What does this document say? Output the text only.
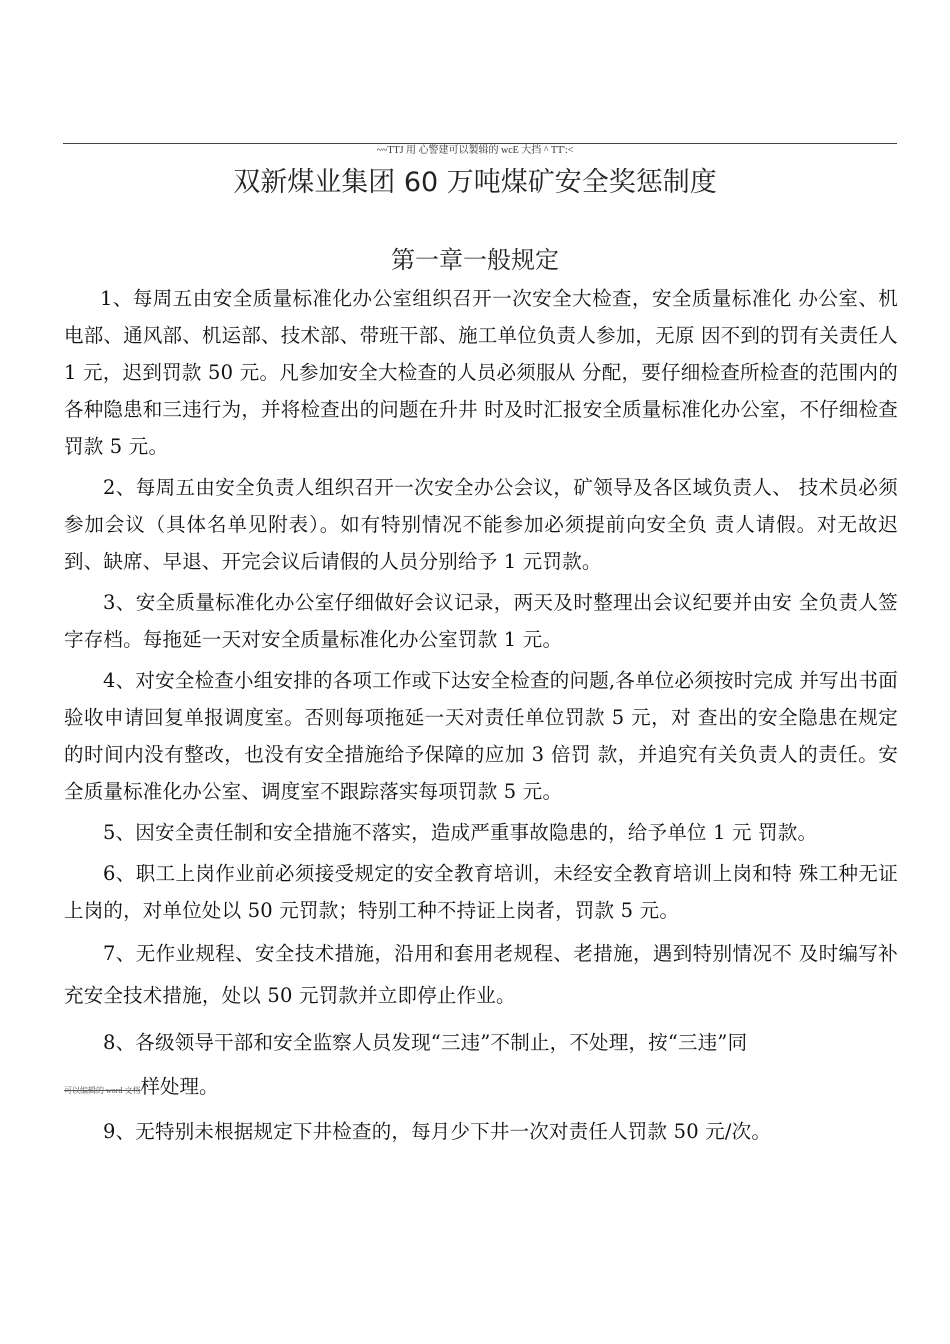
~~TTJ 用 心警建可以製辑的 wcE 大挡 ^ TT':<
双新煤业集团 60 万吨煤矿安全奖惩制度
第一章一般规定

1、每周五由安全质量标准化办公室组织召开一次安全大检查，安全质量标准化 办公室、机电部、通风部、机运部、技术部、带班干部、施工单位负责人参加，无原 因不到的罚有关责任人 1 元，迟到罚款 50 元。凡参加安全大检查的人员必须服从 分配，要仔细检查所检查的范围内的各种隐患和三违行为，并将检查出的问题在升井 时及时汇报安全质量标准化办公室，不仔细检查罚款 5 元。

2、每周五由安全负责人组织召开一次安全办公会议，矿领导及各区域负责人、 技术员必须参加会议（具体名单见附表）。如有特别情况不能参加必须提前向安全负 责人请假。对无故迟到、缺席、早退、开完会议后请假的人员分别给予 1 元罚款。

3、安全质量标准化办公室仔细做好会议记录，两天及时整理出会议纪要并由安 全负责人签字存档。每拖延一天对安全质量标准化办公室罚款 1 元。

4、对安全检查小组安排的各项工作或下达安全检查的问题,各单位必须按时完成 并写出书面验收申请回复单报调度室。否则每项拖延一天对责任单位罚款 5 元，对 查出的安全隐患在规定的时间内没有整改，也没有安全措施给予保障的应加 3 倍罚 款，并追究有关负责人的责任。安全质量标准化办公室、调度室不跟踪落实每项罚款 5 元。

5、因安全责任制和安全措施不落实，造成严重事故隐患的，给予单位 1 元 罚款。

6、职工上岗作业前必须接受规定的安全教育培训，未经安全教育培训上岗和特 殊工种无证上岗的，对单位处以 50 元罚款；特别工种不持证上岗者，罚款 5 元。

7、无作业规程、安全技术措施，沿用和套用老规程、老措施，遇到特别情况不 及时编写补充安全技术措施，处以 50 元罚款并立即停止作业。

8、各级领导干部和安全监察人员发现“三违”不制止，不处理，按“三违”同

可以编辑的 word 文档样处理。

9、无特别未根据规定下井检查的，每月少下井一次对责任人罚款 50 元/次。
